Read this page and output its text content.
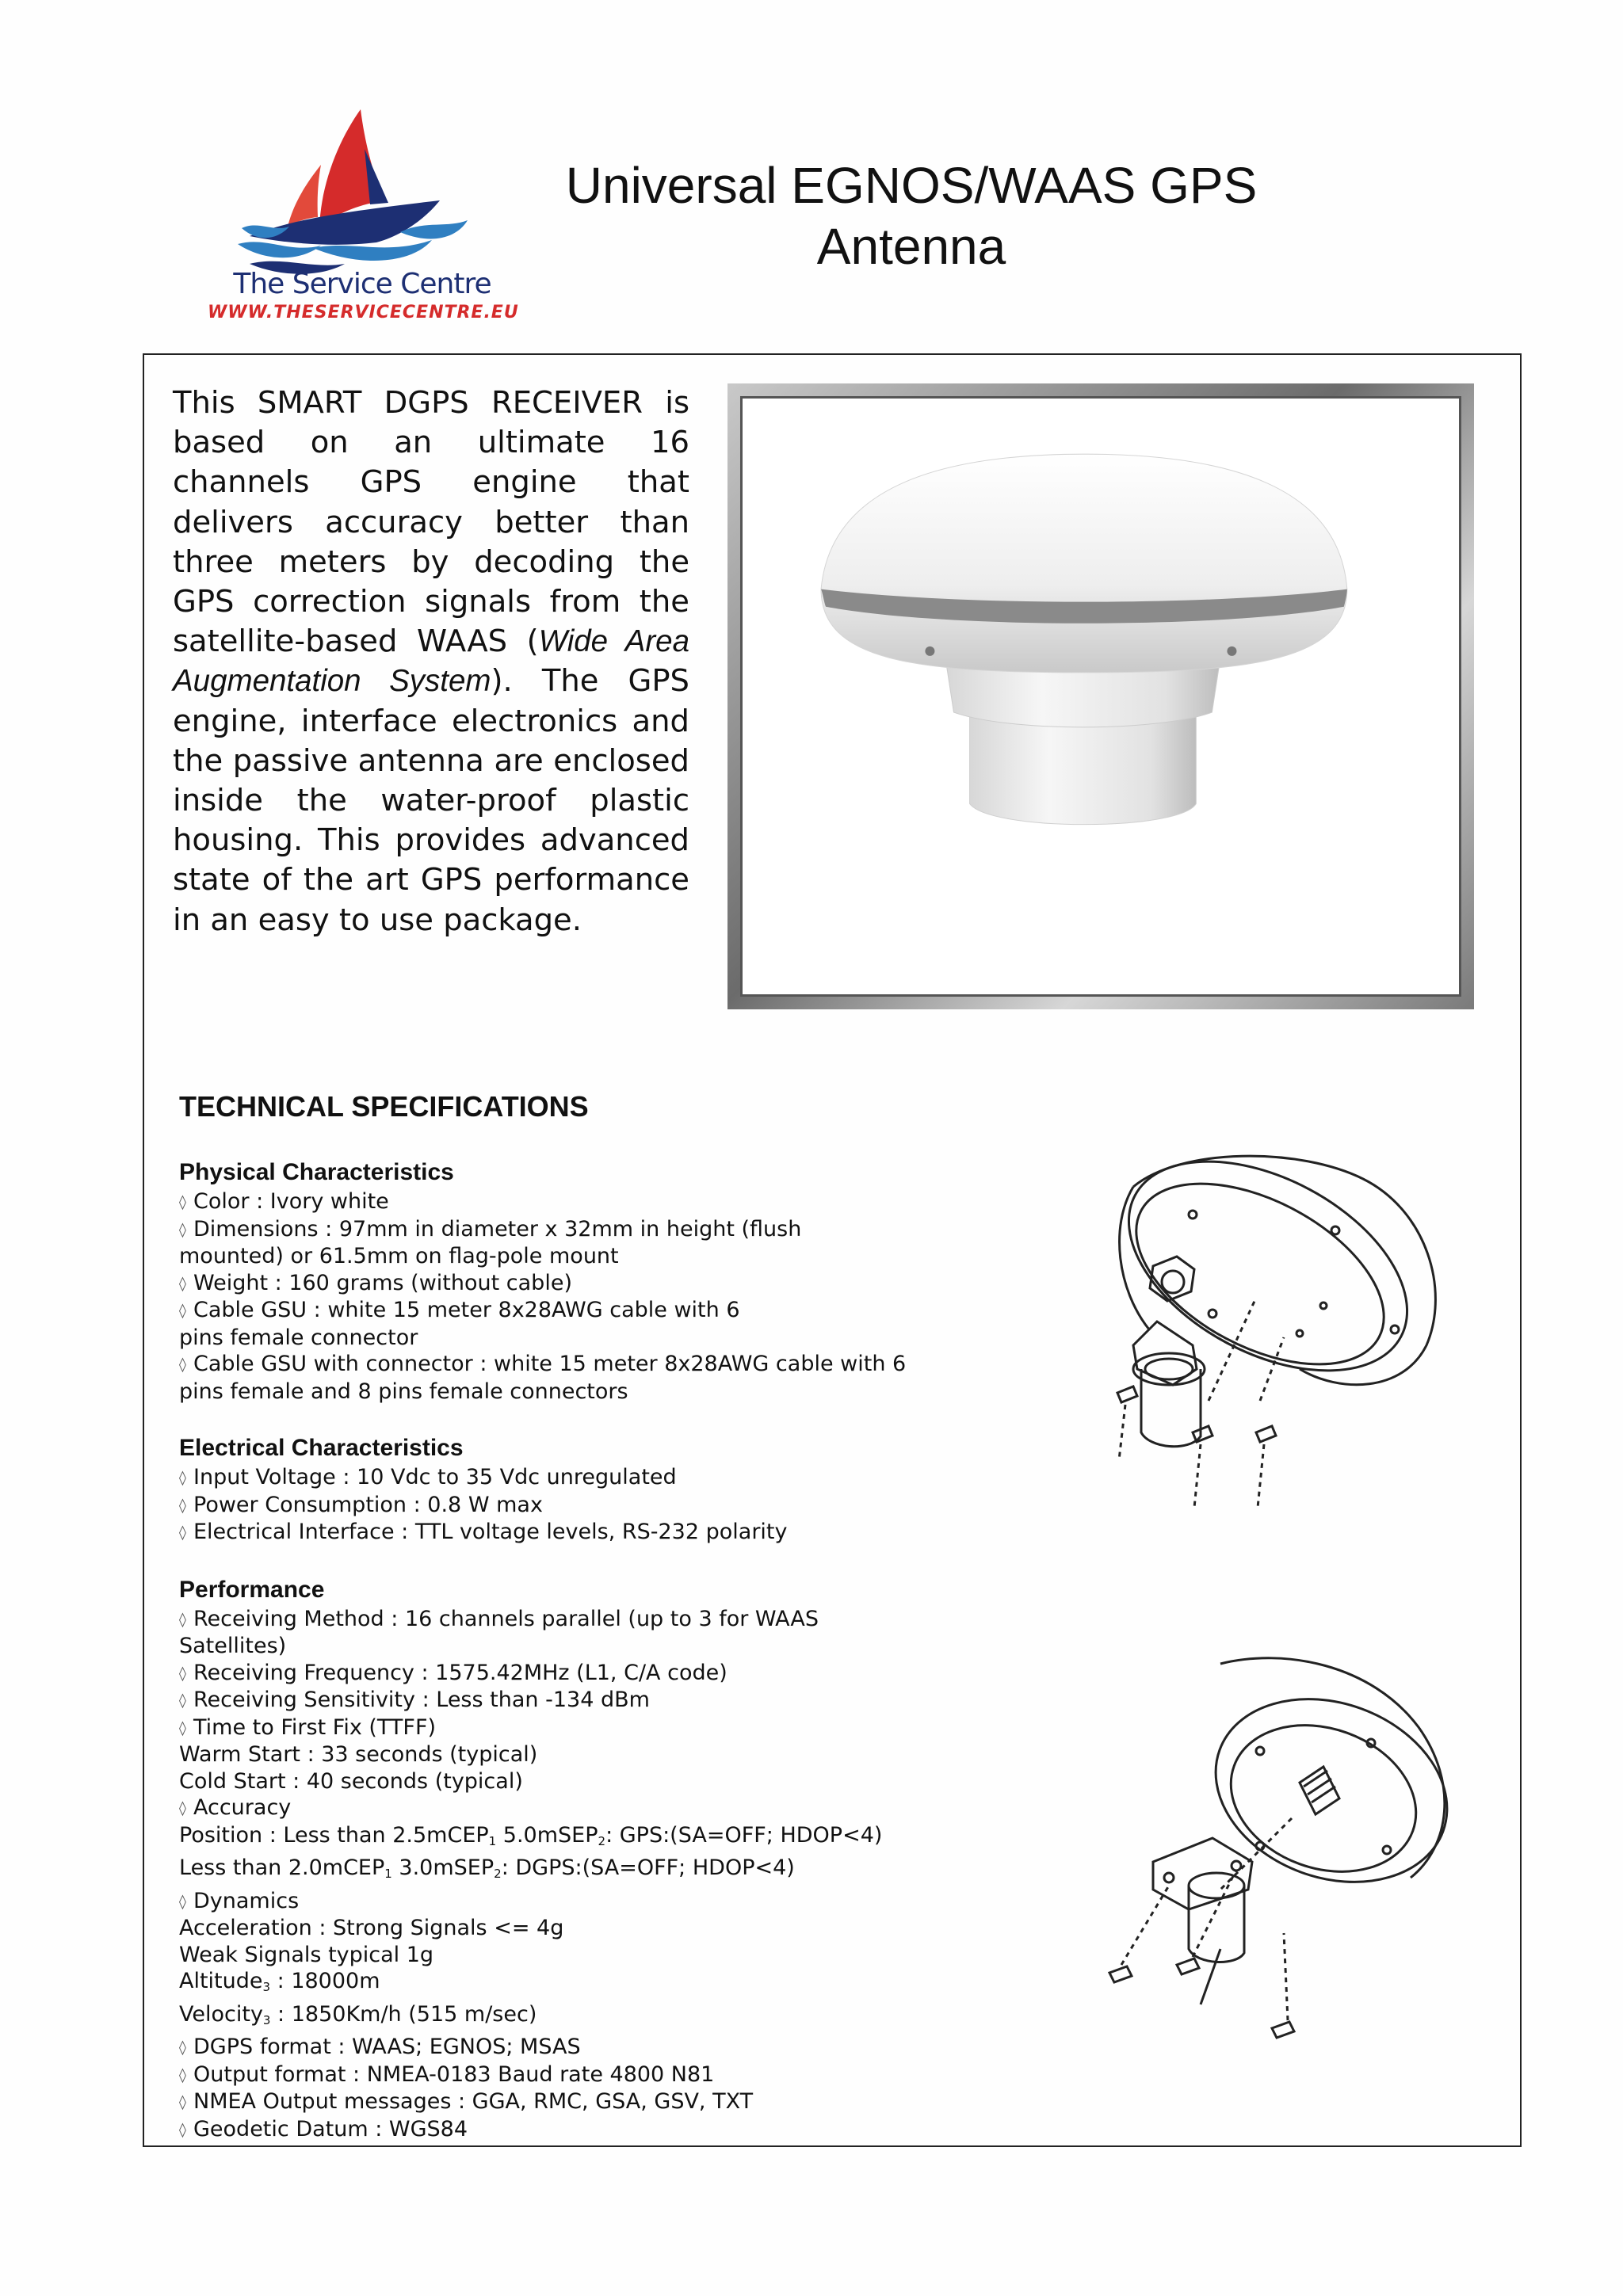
The Service Centre
WWW.THESERVICECENTRE.EU
Universal EGNOS/WAAS GPS
Antenna
This SMART DGPS RECEIVER is based on an ultimate 16 channels GPS engine that delivers accuracy better than three meters by decoding the GPS correction signals from the satellite-based WAAS (Wide Area Augmentation System). The GPS engine, interface electronics and the passive antenna are enclosed inside the water-proof plastic housing. This provides advanced state of the art GPS performance in an easy to use package.
TECHNICAL SPECIFICATIONS
Physical Characteristics
◊ Color : Ivory white
◊ Dimensions : 97mm in diameter x 32mm in height (flush
mounted) or 61.5mm on flag-pole mount
◊ Weight : 160 grams (without cable)
◊ Cable GSU : white 15 meter 8x28AWG cable with 6
pins female connector
◊ Cable GSU with connector : white 15 meter 8x28AWG cable with 6
pins female and 8 pins female connectors
Electrical Characteristics
◊ Input Voltage : 10 Vdc to 35 Vdc unregulated
◊ Power Consumption : 0.8 W max
◊ Electrical Interface : TTL voltage levels, RS-232 polarity
Performance
◊ Receiving Method : 16 channels parallel (up to 3 for WAAS
Satellites)
◊ Receiving Frequency : 1575.42MHz (L1, C/A code)
◊ Receiving Sensitivity : Less than -134 dBm
◊ Time to First Fix (TTFF)
Warm Start : 33 seconds (typical)
Cold Start : 40 seconds (typical)
◊ Accuracy
Position : Less than 2.5mCEP$_1$ 5.0mSEP$_2$: GPS:(SA=OFF; HDOP<4)
Less than 2.0mCEP$_1$ 3.0mSEP$_2$: DGPS:(SA=OFF; HDOP<4)
◊ Dynamics
Acceleration : Strong Signals <= 4g
Weak Signals typical 1g
Altitude$_3$ : 18000m
Velocity$_3$ : 1850Km/h (515 m/sec)
◊ DGPS format : WAAS; EGNOS; MSAS
◊ Output format : NMEA-0183 Baud rate 4800 N81
◊ NMEA Output messages : GGA, RMC, GSA, GSV, TXT
◊ Geodetic Datum : WGS84
